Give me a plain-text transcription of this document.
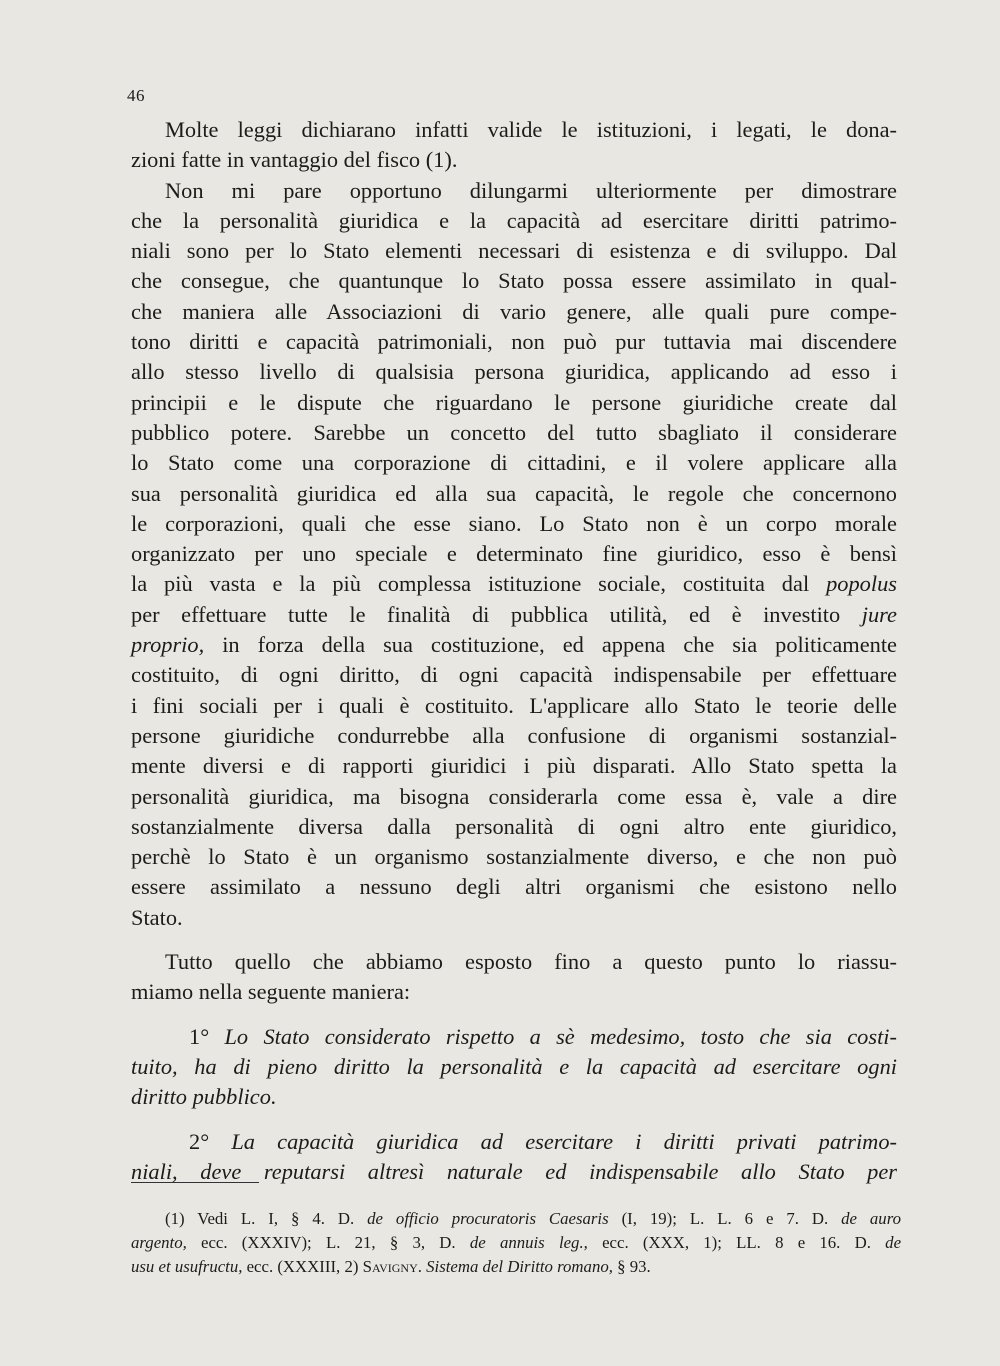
46
Molte leggi dichiarano infatti valide le istituzioni, i legati, le dona-
zioni fatte in vantaggio del fisco (1).
Non mi pare opportuno dilungarmi ulteriormente per dimostrare
che la personalità giuridica e la capacità ad esercitare diritti patrimo-
niali sono per lo Stato elementi necessari di esistenza e di sviluppo. Dal
che consegue, che quantunque lo Stato possa essere assimilato in qual-
che maniera alle Associazioni di vario genere, alle quali pure compe-
tono diritti e capacità patrimoniali, non può pur tuttavia mai discendere
allo stesso livello di qualsisia persona giuridica, applicando ad esso i
principii e le dispute che riguardano le persone giuridiche create dal
pubblico potere. Sarebbe un concetto del tutto sbagliato il considerare
lo Stato come una corporazione di cittadini, e il volere applicare alla
sua personalità giuridica ed alla sua capacità, le regole che concernono
le corporazioni, quali che esse siano. Lo Stato non è un corpo morale
organizzato per uno speciale e determinato fine giuridico, esso è bensì
la più vasta e la più complessa istituzione sociale, costituita dal popolus
per effettuare tutte le finalità di pubblica utilità, ed è investito jure
proprio, in forza della sua costituzione, ed appena che sia politicamente
costituito, di ogni diritto, di ogni capacità indispensabile per effettuare
i fini sociali per i quali è costituito. L'applicare allo Stato le teorie delle
persone giuridiche condurrebbe alla confusione di organismi sostanzial-
mente diversi e di rapporti giuridici i più disparati. Allo Stato spetta la
personalità giuridica, ma bisogna considerarla come essa è, vale a dire
sostanzialmente diversa dalla personalità di ogni altro ente giuridico,
perchè lo Stato è un organismo sostanzialmente diverso, e che non può
essere assimilato a nessuno degli altri organismi che esistono nello
Stato.
Tutto quello che abbiamo esposto fino a questo punto lo riassu-
miamo nella seguente maniera:
1° Lo Stato considerato rispetto a sè medesimo, tosto che sia costi-
tuito, ha di pieno diritto la personalità e la capacità ad esercitare ogni
diritto pubblico.
2° La capacità giuridica ad esercitare i diritti privati patrimo-
niali, deve reputarsi altresì naturale ed indispensabile allo Stato per
(1) Vedi L. I, § 4. D. de officio procuratoris Caesaris (I, 19); L. L. 6 e 7. D. de auro
argento, ecc. (XXXIV); L. 21, § 3, D. de annuis leg., ecc. (XXX, 1); LL. 8 e 16. D. de
usu et usufructu, ecc. (XXXIII, 2) Savigny. Sistema del Diritto romano, § 93.
